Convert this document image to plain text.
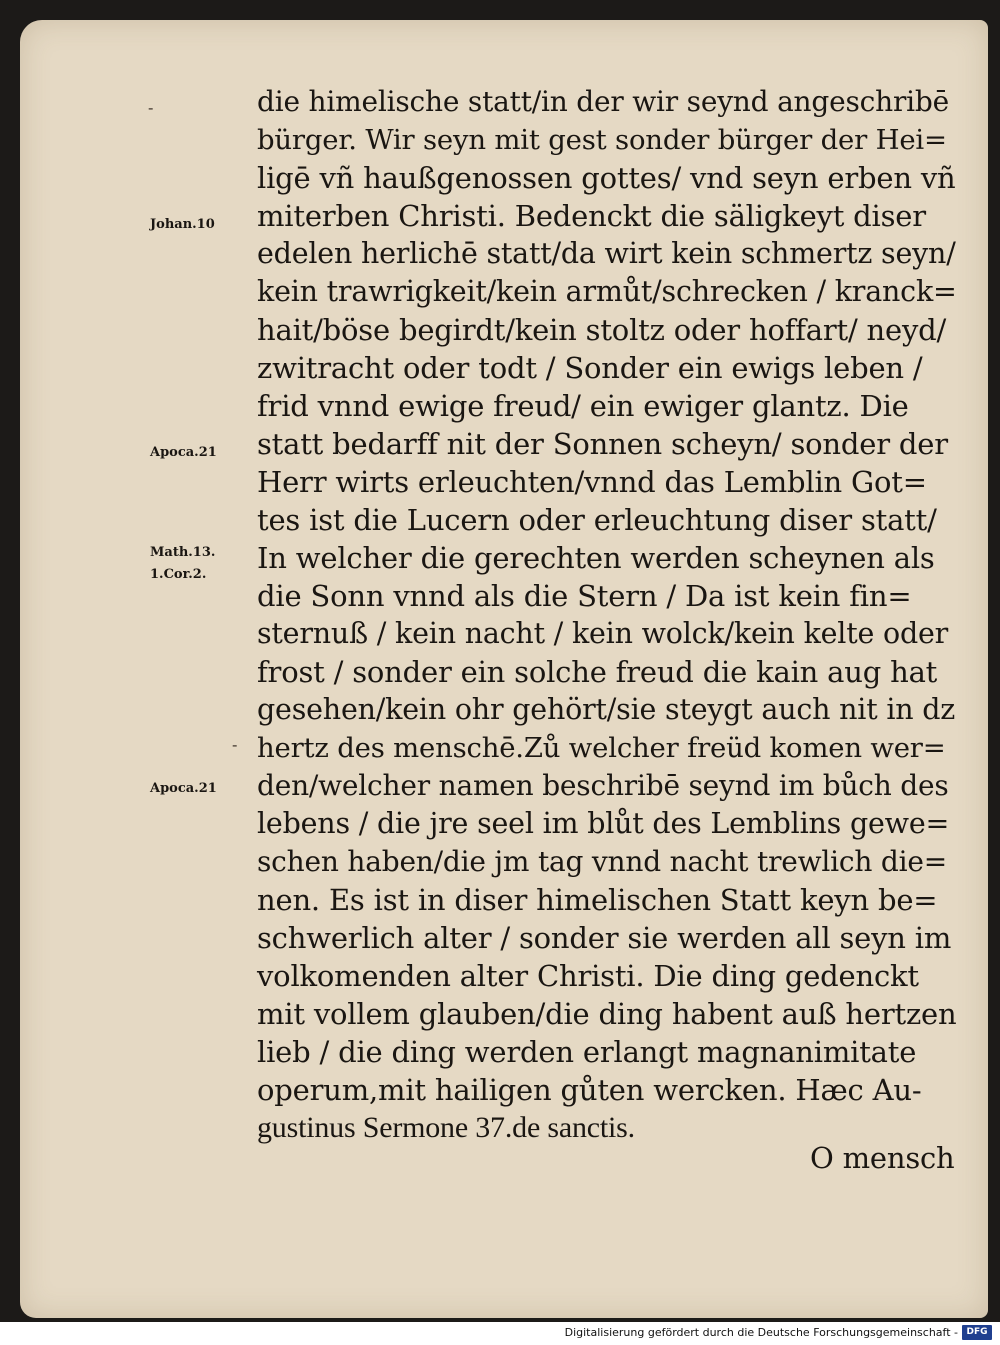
-
-
die himelische statt/in der wir seynd angeschribē
bürger. Wir seyn mit gest sonder bürger der Hei=
ligē vñ haußgenossen gottes/ vnd seyn erben vñ
miterben Christi. Bedenckt die säligkeyt diser
edelen herlichē statt/da wirt kein schmertz seyn/
kein trawrigkeit/kein armůt/schrecken / kranck=
hait/böse begirdt/kein stoltz oder hoffart/ neyd/
zwitracht oder todt / Sonder ein ewigs leben /
frid vnnd ewige freud/ ein ewiger glantz. Die
statt bedarff nit der Sonnen scheyn/ sonder der
Herr wirts erleuchten/vnnd das Lemblin Got=
tes ist die Lucern oder erleuchtung diser statt/
In welcher die gerechten werden scheynen als
die Sonn vnnd als die Stern / Da ist kein fin=
sternuß / kein nacht / kein wolck/kein kelte oder
frost / sonder ein solche freud die kain aug hat
gesehen/kein ohr gehört/sie steygt auch nit in dz
hertz des menschē.Zů welcher freüd komen wer=
den/welcher namen beschribē seynd im bůch des
lebens / die jre seel im blůt des Lemblins gewe=
schen haben/die jm tag vnnd nacht trewlich die=
nen. Es ist in diser himelischen Statt keyn be=
schwerlich alter / sonder sie werden all seyn im
volkomenden alter Christi. Die ding gedenckt
mit vollem glauben/die ding habent auß hertzen
lieb / die ding werden erlangt magnanimitate
operum,mit hailigen gůten wercken. Hæc Au-
gustinus Sermone 37.de sanctis.
O mensch
Johan.10
Apoca.21
Math.13.
1.Cor.2.
Apoca.21
Digitalisierung gefördert durch die Deutsche Forschungsgemeinschaft - DFG
